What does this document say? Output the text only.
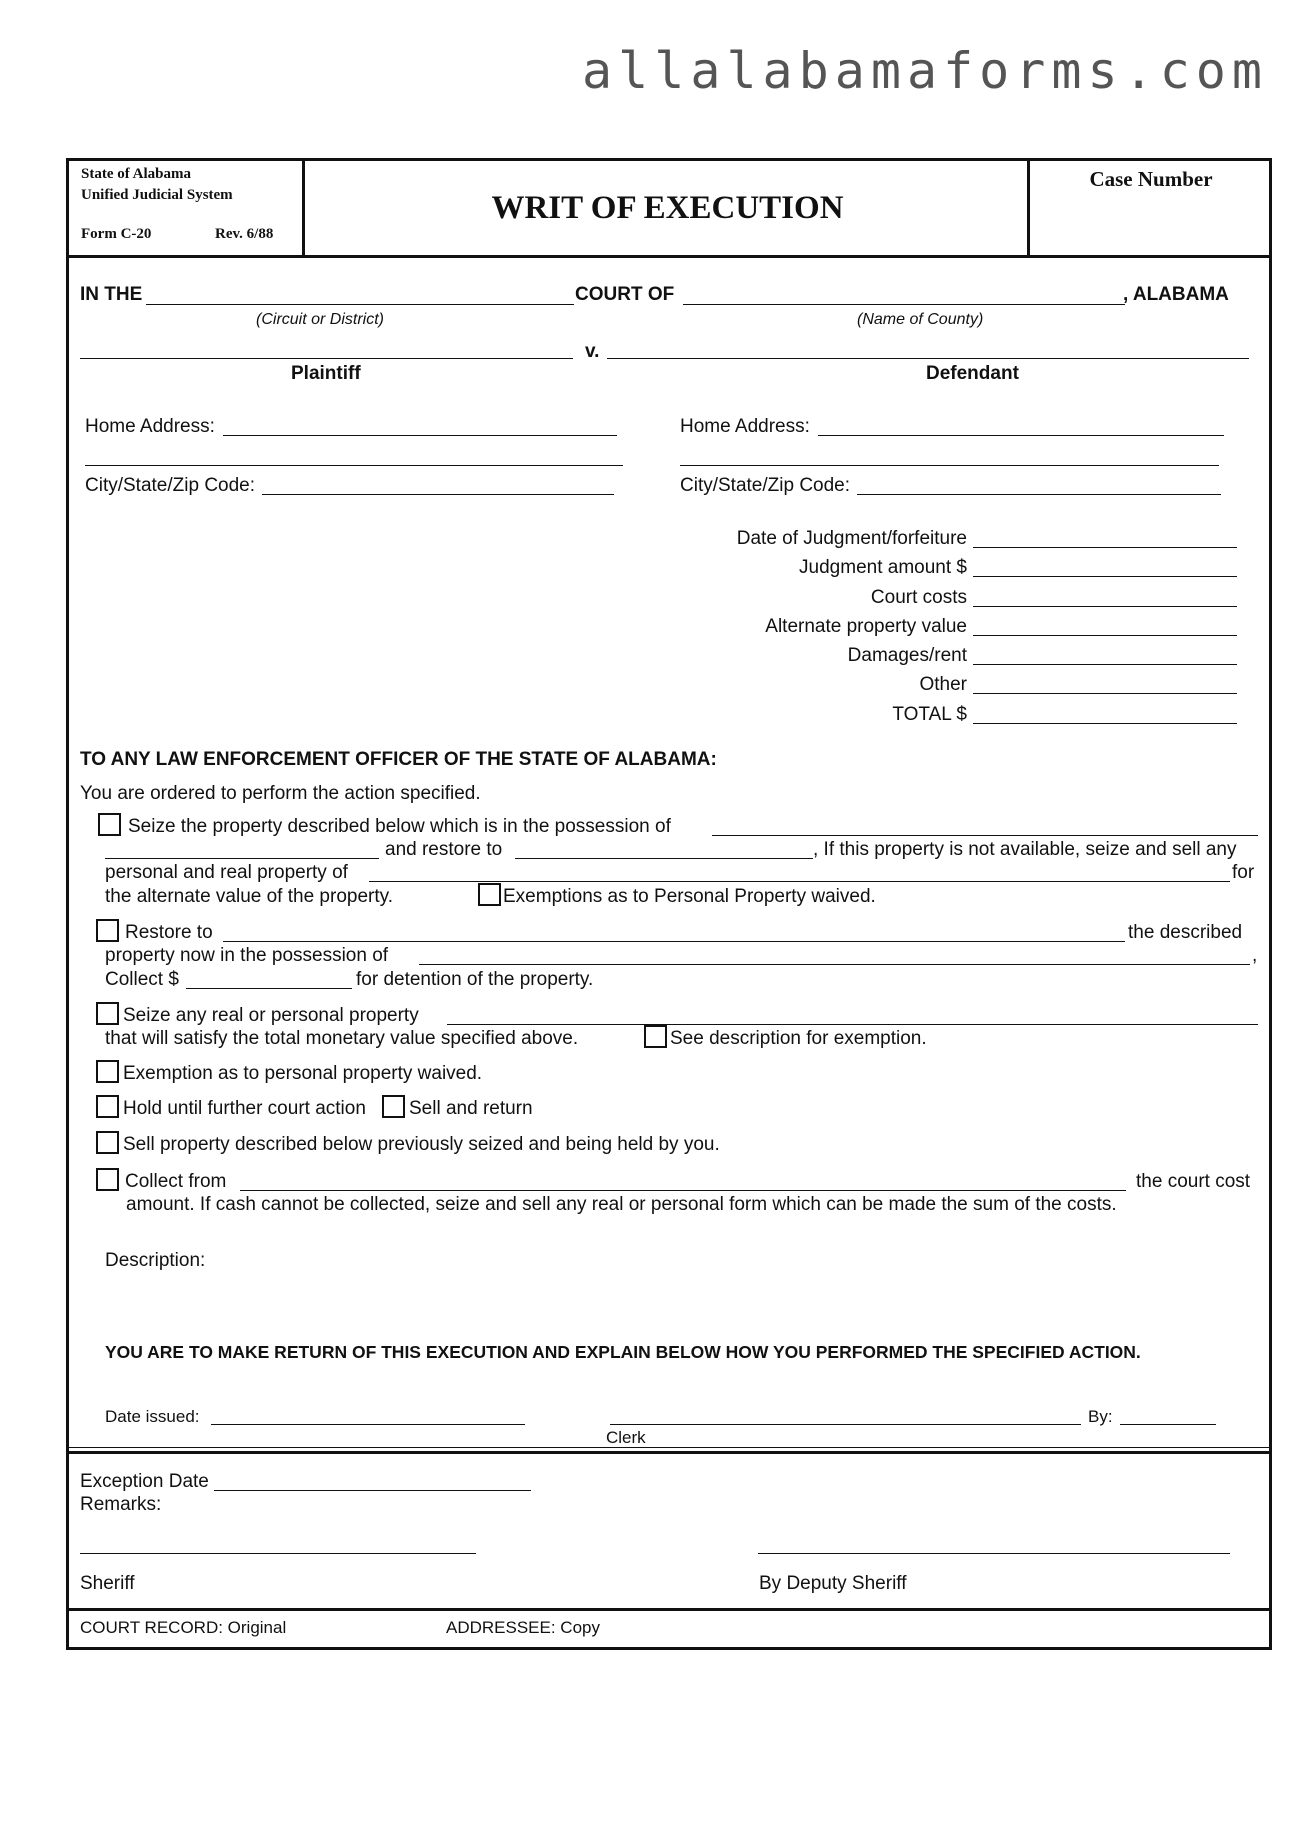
allalabamaforms.com
State of Alabama
Unified Judicial System
Form C-20	Rev. 6/88
WRIT OF EXECUTION
Case Number
IN THE	COURT OF	, ALABAMA
(Circuit or District)	(Name of County)
v.
Plaintiff	Defendant
Home Address:
City/State/Zip Code:
Home Address:
City/State/Zip Code:
Date of Judgment/forfeiture
Judgment amount $
Court costs
Alternate property value
Damages/rent
Other
TOTAL $
TO ANY LAW ENFORCEMENT OFFICER OF THE STATE OF ALABAMA:
You are ordered to perform the action specified.
Seize the property described below which is in the possession of
and restore to	, If this property is not available, seize and sell any
personal and real property of	for
the alternate value of the property.	Exemptions as to Personal Property waived.
Restore to	the described
property now in the possession of	,
Collect $	for detention of the property.
Seize any real or personal property
that will satisfy the total monetary value specified above.	See description for exemption.
Exemption as to personal property waived.
Hold until further court action Sell and return
Sell property described below previously seized and being held by you.
Collect from	the court cost
amount. If cash cannot be collected, seize and sell any real or personal form which can be made the sum of the costs.
Description:
YOU ARE TO MAKE RETURN OF THIS EXECUTION AND EXPLAIN BELOW HOW YOU PERFORMED THE SPECIFIED ACTION.
Date issued:	By:
Clerk
Exception Date
Remarks:
Sheriff	By Deputy Sheriff
COURT RECORD: Original	ADDRESSEE: Copy
